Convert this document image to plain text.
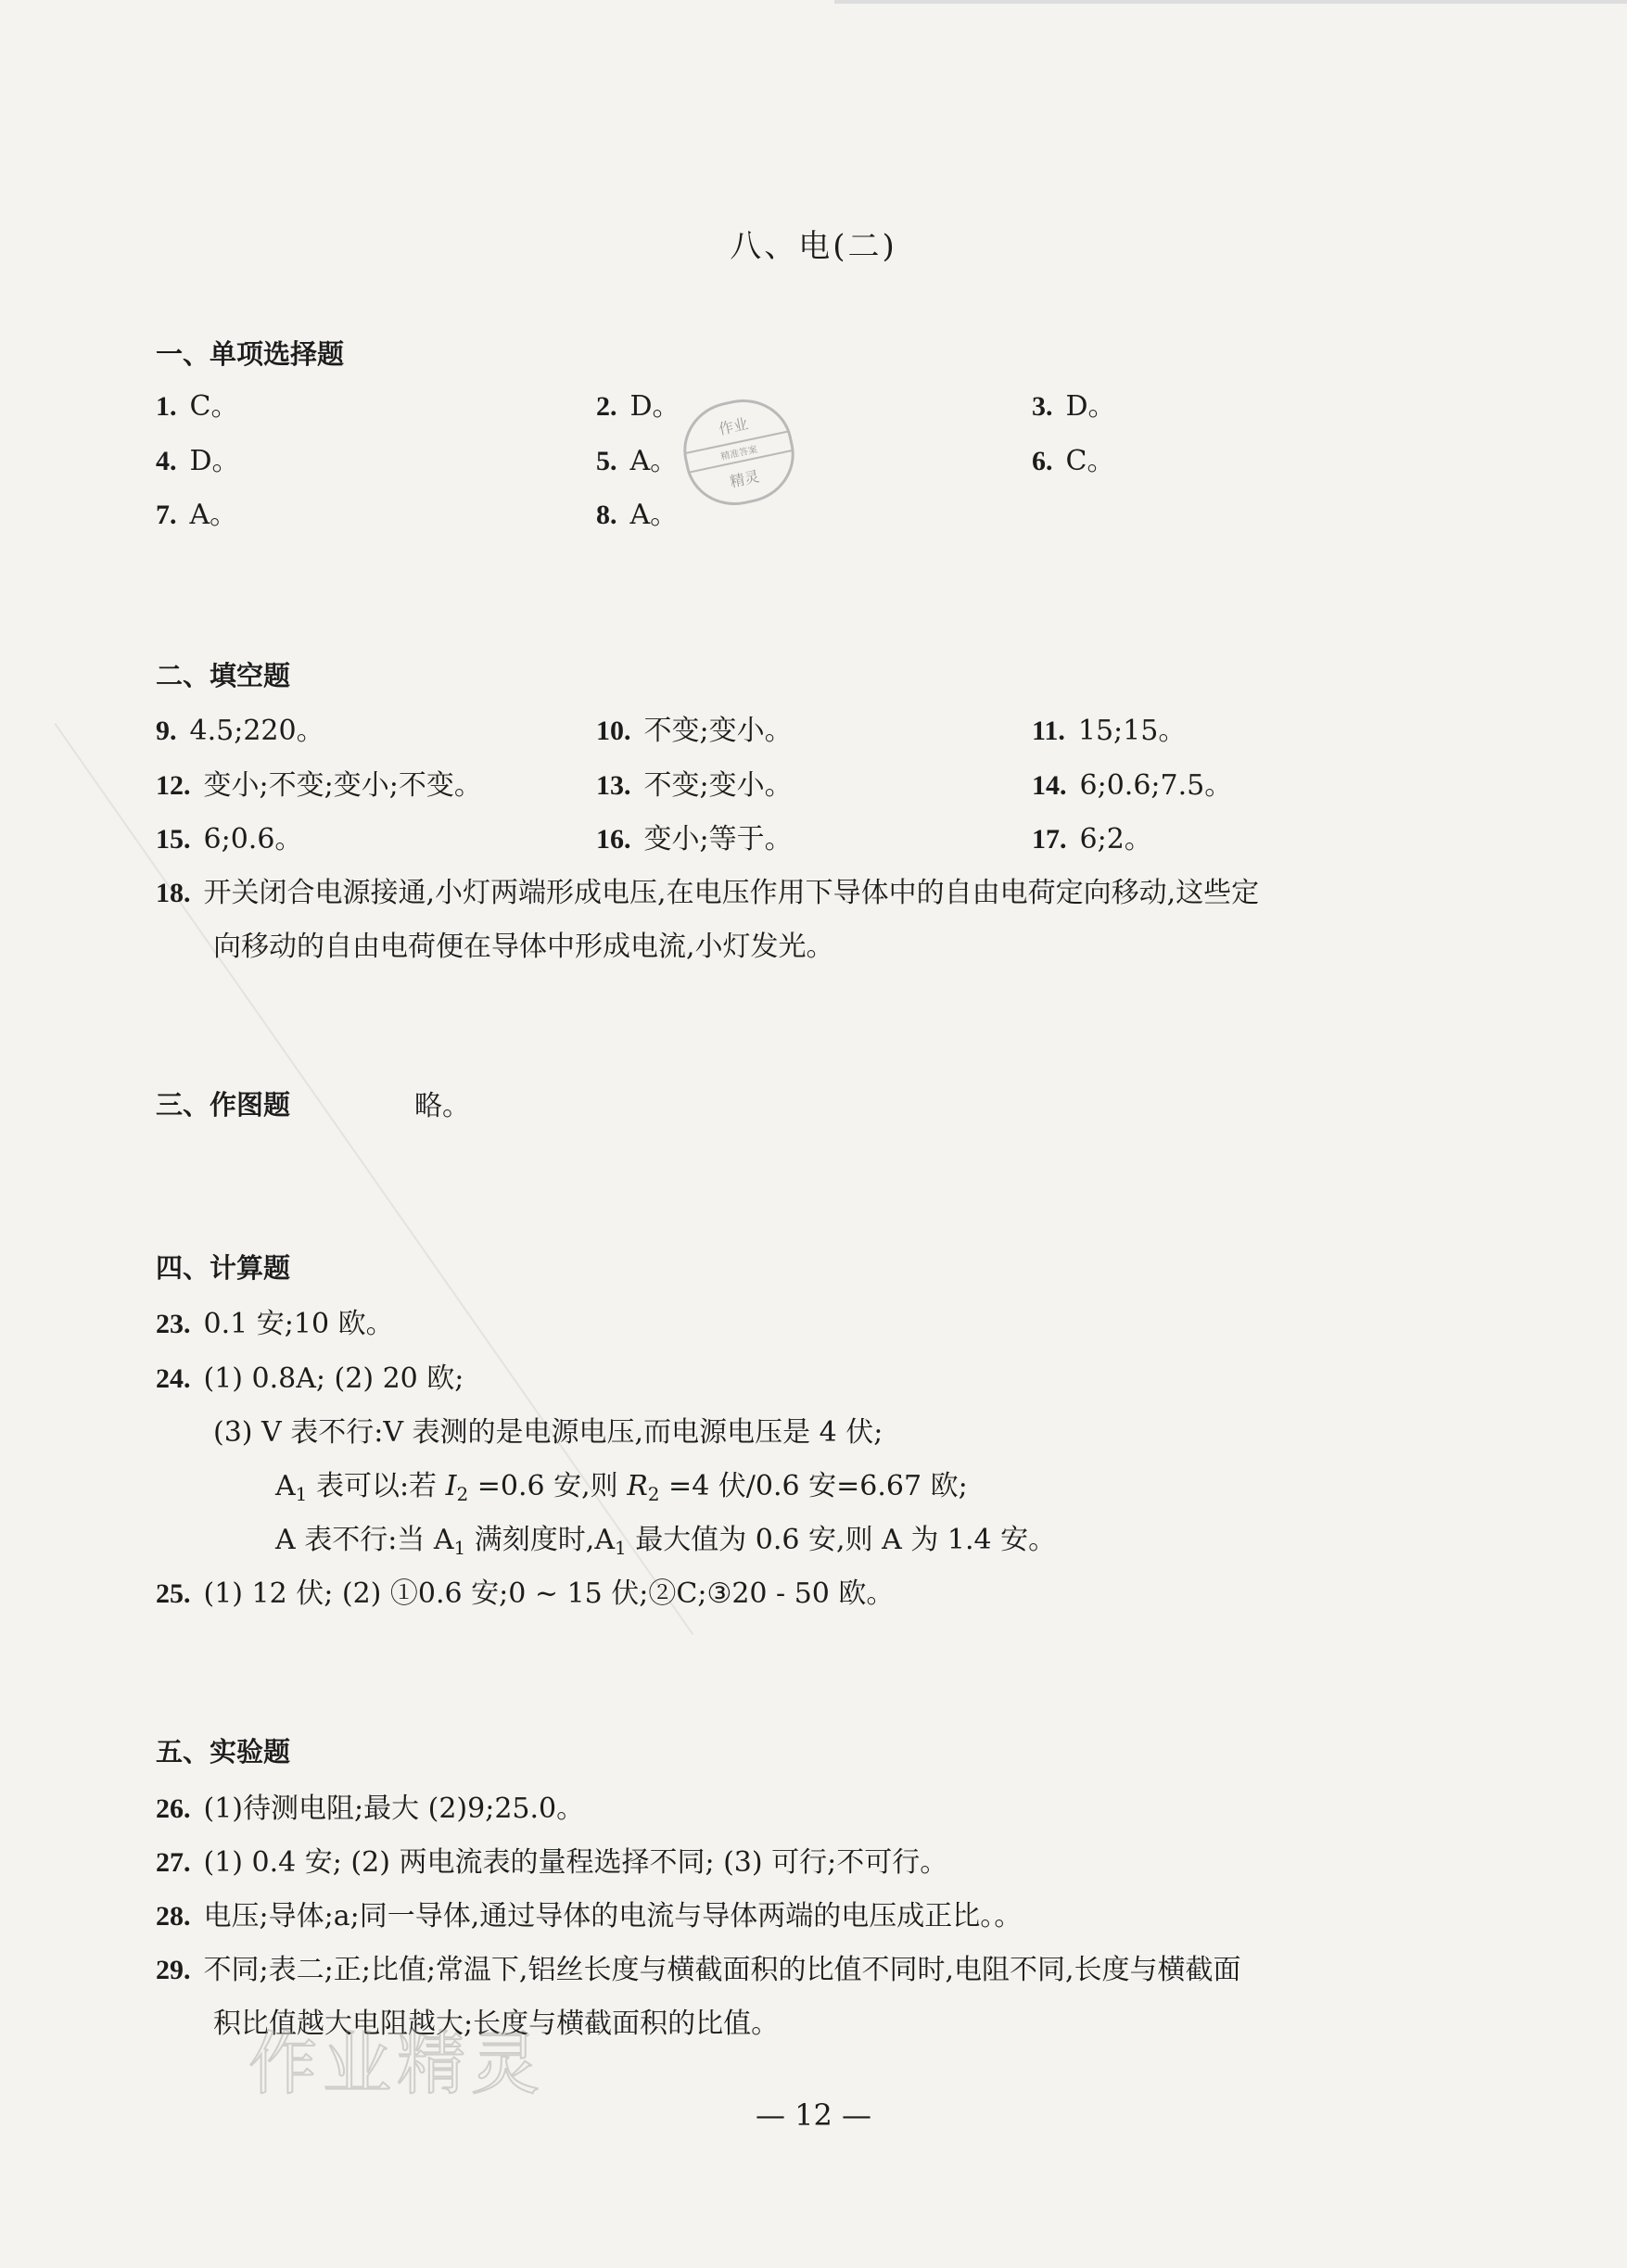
八、电(二)
一、单项选择题
1. C。	2. D。	3. D。
4. D。	5. A。	6. C。
7. A。	8. A。
作业
精准答案
精灵
二、填空题
9. 4.5;220。	10. 不变;变小。	11. 15;15。
12. 变小;不变;变小;不变。	13. 不变;变小。	14. 6;0.6;7.5。
15. 6;0.6。	16. 变小;等于。	17. 6;2。
18. 开关闭合电源接通,小灯两端形成电压,在电压作用下导体中的自由电荷定向移动,这些定
向移动的自由电荷便在导体中形成电流,小灯发光。
三、作图题	略。
四、计算题
23. 0.1 安;10 欧。
24. (1) 0.8A; (2) 20 欧;
(3) V 表不行:V 表测的是电源电压,而电源电压是 4 伏;
$A_1$ 表可以:若 $I_2 =0.6$ 安,则 $R_2 =4$ 伏/0.6 安=6.67 欧;
A 表不行:当 $A_1$ 满刻度时$,A_1$ 最大值为 0.6 安,则 A 为 1.4 安。
25. (1) 12 伏; (2) ①0.6 安;0 ~ 15 伏;②C;③20 - 50 欧。
五、实验题
26. (1)待测电阻;最大 (2)9;25.0。
27. (1) 0.4 安; (2) 两电流表的量程选择不同; (3) 可行;不可行。
28. 电压;导体;a;同一导体,通过导体的电流与导体两端的电压成正比。。
29. 不同;表二;正;比值;常温下,铝丝长度与横截面积的比值不同时,电阻不同,长度与横截面
积比值越大电阻越大;长度与横截面积的比值。
作业精灵
— 12 —
